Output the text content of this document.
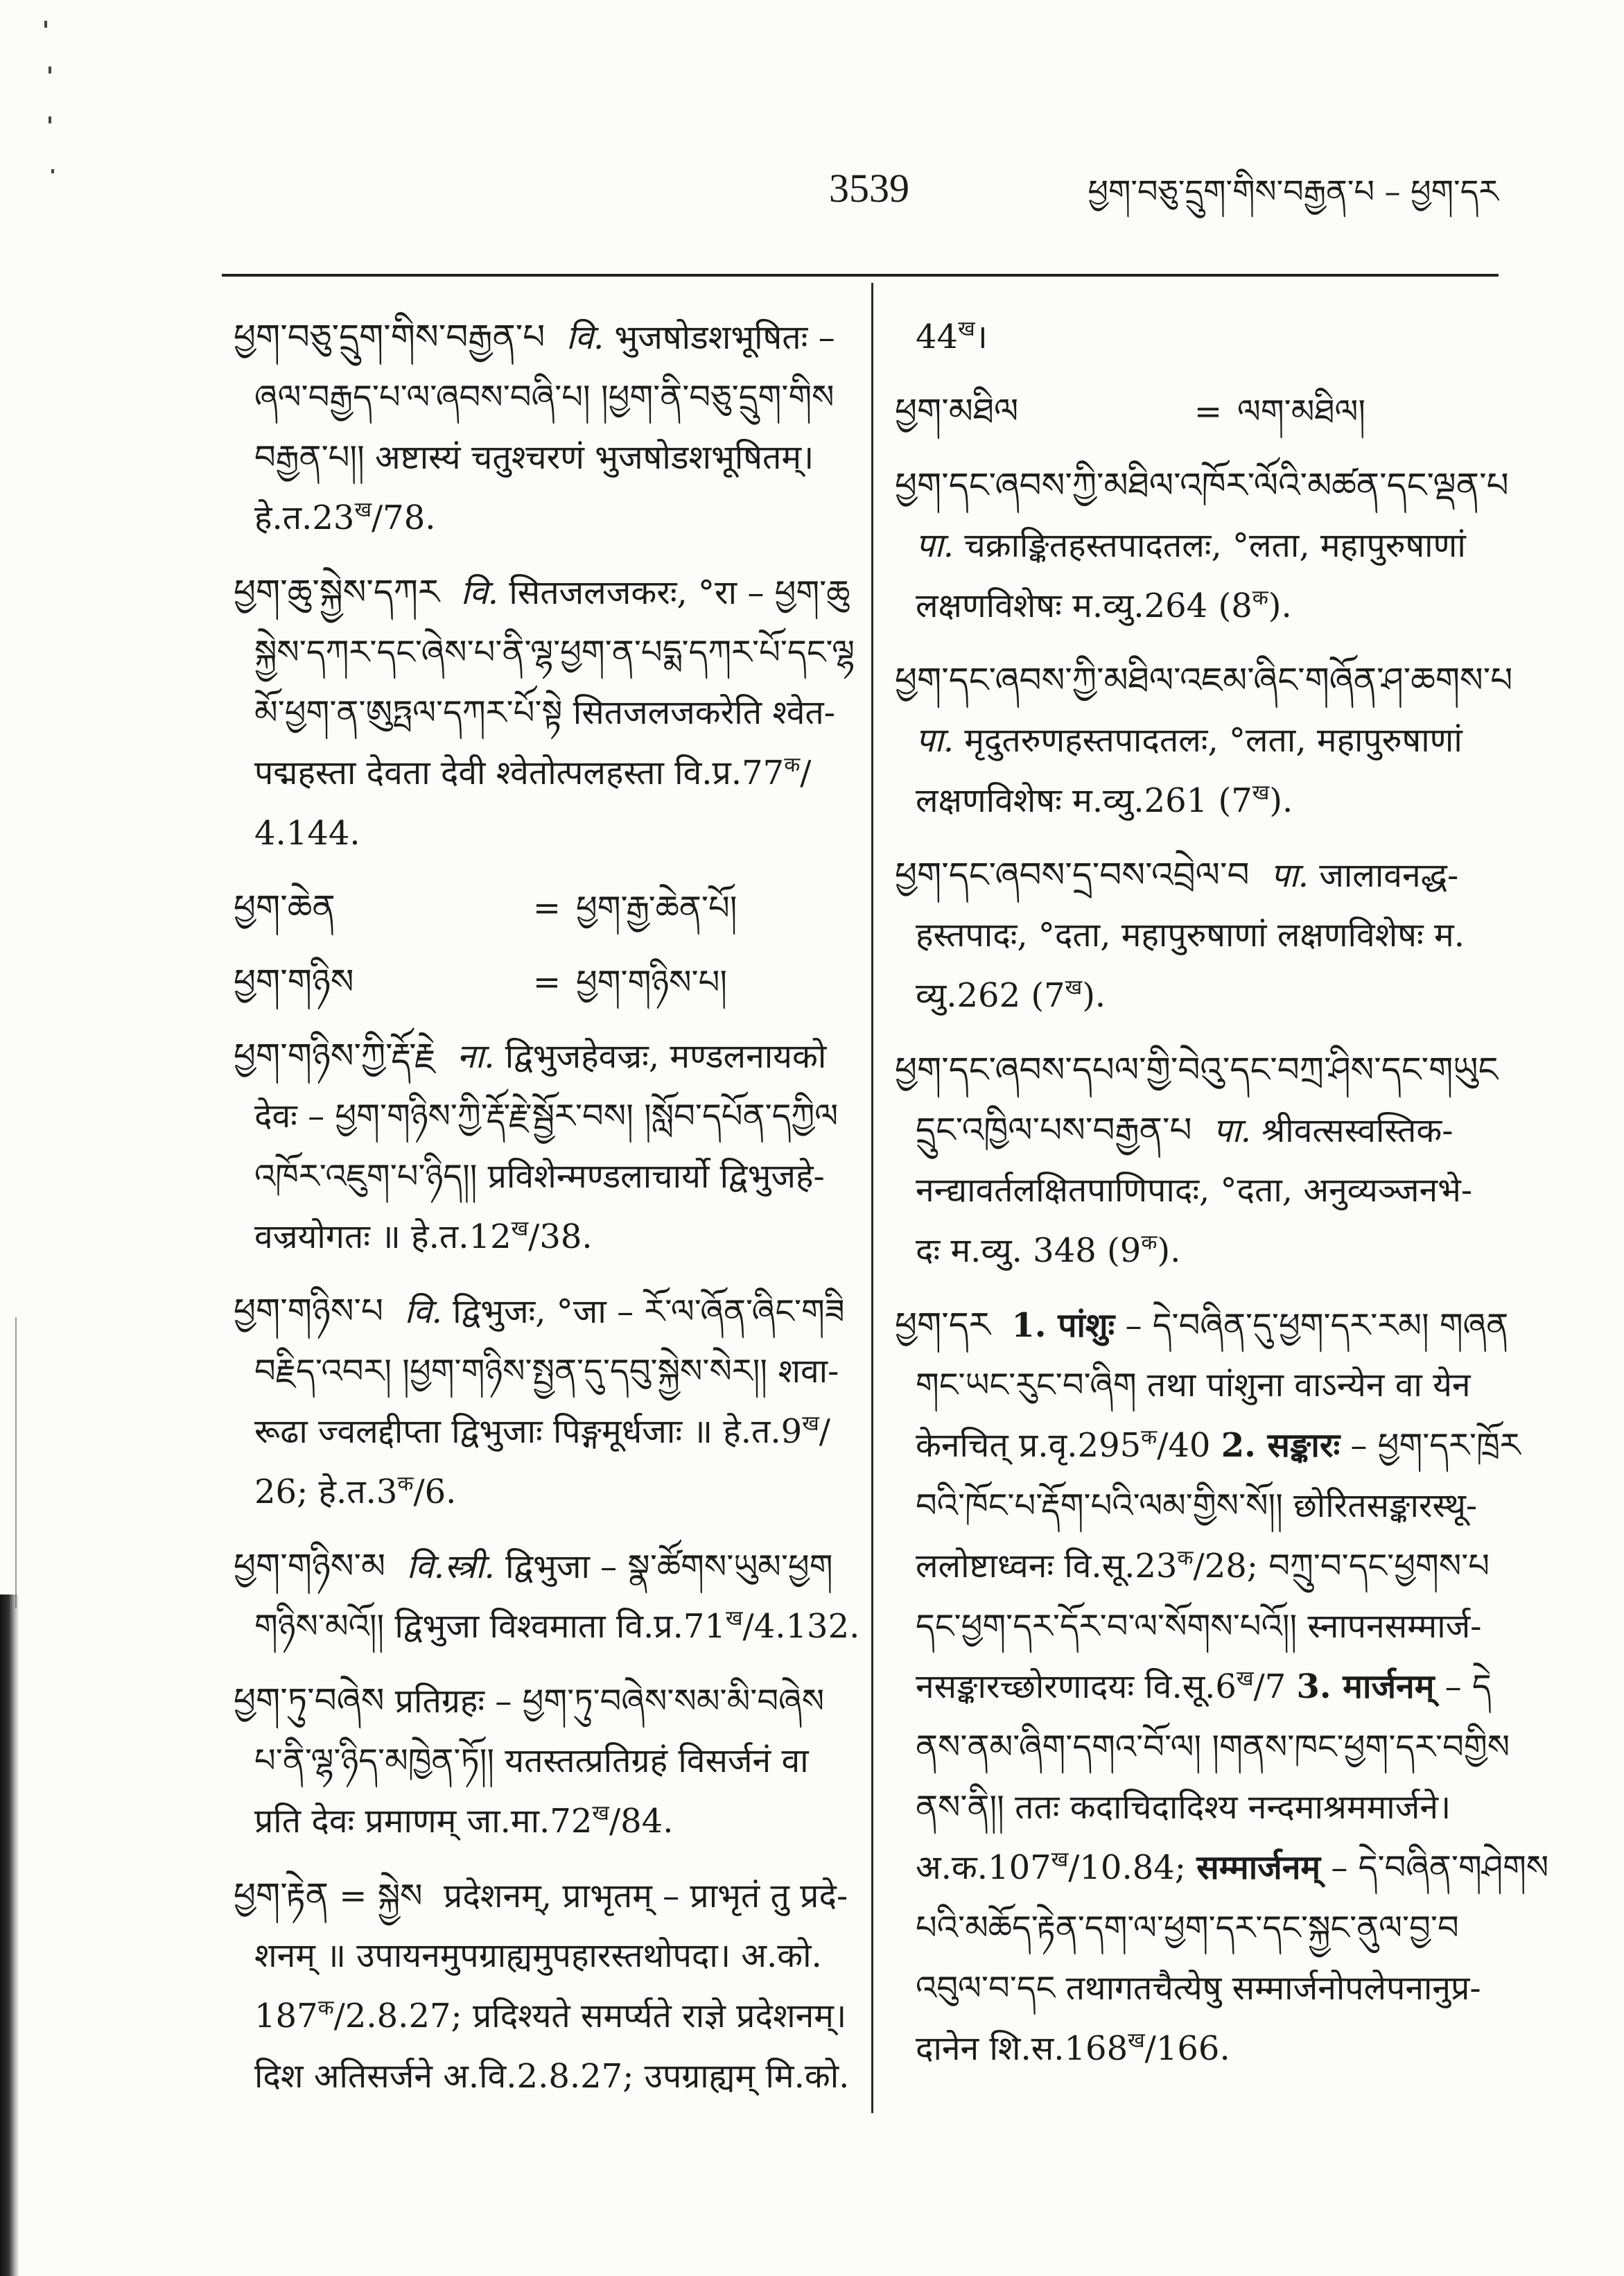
3539	ཕྱག་བཅུ་དྲུག་གིས་བརྒྱན་པ – ཕྱག་དར
ཕྱག་བཅུ་དྲུག་གིས་བརྒྱན་པ वि. भुजषोडशभूषितः –
ཞལ་བརྒྱད་པ་ལ་ཞབས་བཞི་པ། །ཕྱག་ནི་བཅུ་དྲུག་གིས
བརྒྱན་པ།། अष्टास्यं चतुश्चरणं भुजषोडशभूषितम्।
$हे.त.23^ख/78$.
ཕྱག་ཆུ་སྐྱེས་དཀར वि. सितजलजकरः, °रा – ཕྱག་ཆུ
སྐྱེས་དཀར་དང་ཞེས་པ་ནི་ལྷ་ཕྱག་ན་པདྨ་དཀར་པོ་དང་ལྷ
མོ་ཕྱག་ན་ཨུཏྤལ་དཀར་པོ་སྟེ सितजलजकरेति श्वेत-
पद्महस्ता देवता देवी श्वेतोत्पलहस्ता $वि.प्र.77^क/$
4.144.
ཕྱག་ཆེན	= ཕྱག་རྒྱ་ཆེན་པོ།
ཕྱག་གཉིས	= ཕྱག་གཉིས་པ།
ཕྱག་གཉིས་ཀྱི་རྡོ་རྗེ ना. द्विभुजहेवज्रः, मण्डलनायको
देवः – ཕྱག་གཉིས་ཀྱི་རྡོ་རྗེ་སྦྱོར་བས། །སློབ་དཔོན་དཀྱིལ
འཁོར་འཇུག་པ་ཉིད།། प्रविशेन्मण्डलाचार्यो द्विभुजहे-
वज्रयोगतः ॥ $हे.त.12^ख/38$.
ཕྱག་གཉིས་པ वि. द्विभुजः, °जा – རོ་ལ་ཞོན་ཞིང་གཟི
བརྗིད་འབར། །ཕྱག་གཉིས་སྤྱན་དུ་དབུ་སྐྱེས་སེར།། शवा-
रूढा ज्वलद्दीप्ता द्विभुजाः पिङ्गमूर्धजाः ॥ $हे.त.9^ख/$
26; $हे.त.3^क/6$.
ཕྱག་གཉིས་མ वि.स्त्री. द्विभुजा – སྣ་ཚོགས་ཡུམ་ཕྱག
གཉིས་མའོ།། द्विभुजा विश्वमाता $वि.प्र.71^ख/4.132$.
ཕྱག་ཏུ་བཞེས प्रतिग्रहः – ཕྱག་ཏུ་བཞེས་སམ་མི་བཞེས
པ་ནི་ལྷ་ཉིད་མཁྱེན་ཏོ།། यतस्तत्प्रतिग्रहं विसर्जनं वा
प्रति देवः प्रमाणम् $जा.मा.72^ख/84$.
ཕྱག་རྟེན = སྐྱེས  प्रदेशनम्, प्राभृतम् – प्राभृतं तु प्रदे-
शनम् ॥ उपायनमुपग्राह्यमुपहारस्तथोपदा। अ.को.
$187^क/2.8.27$; प्रदिश्यते समर्प्यते राज्ञे प्रदेशनम्।
दिश अतिसर्जने अ.वि.2.8.27; उपग्राह्यम् मि.को.
$44^ख।$
ཕྱག་མཐིལ	= ལག་མཐིལ།
ཕྱག་དང་ཞབས་ཀྱི་མཐིལ་འཁོར་ལོའི་མཚན་དང་ལྡན་པ
पा. चक्राङ्कितहस्तपादतलः, °लता, महापुरुषाणां
लक्षणविशेषः म.व्यु.264 $(8^क)$.
ཕྱག་དང་ཞབས་ཀྱི་མཐིལ་འཇམ་ཞིང་གཞོན་ཤ་ཆགས་པ
पा. मृदुतरुणहस्तपादतलः, °लता, महापुरुषाणां
लक्षणविशेषः म.व्यु.261 $(7^ख)$.
ཕྱག་དང་ཞབས་དྲ་བས་འབྲེལ་བ पा. जालावनद्ध-
हस्तपादः, °दता, महापुरुषाणां लक्षणविशेषः म.
व्यु.262 $(7^ख)$.
ཕྱག་དང་ཞབས་དཔལ་གྱི་བེའུ་དང་བཀྲ་ཤིས་དང་གཡུང
དྲུང་འཁྱིལ་པས་བརྒྱན་པ पा. श्रीवत्सस्वस्तिक-
नन्द्यावर्तलक्षितपाणिपादः, °दता, अनुव्यञ्जनभे-
दः म.व्यु. 348 $(9^क)$.
ཕྱག་དར 1. पांशुः – དེ་བཞིན་དུ་ཕྱག་དར་རམ། གཞན
གང་ཡང་རུང་བ་ཞིག तथा पांशुना वाऽन्येन वा येन
केनचित् $प्र.वृ.295^क/40$ 2. सङ्कारः – ཕྱག་དར་ཁྲོར
བའི་ཁོང་པ་རྡོག་པའི་ལམ་གྱིས་སོ།། छोरितसङ्कारस्थू-
ललोष्टाध्वनः $वि.सू.23^क/28$; བཀྲུ་བ་དང་ཕྱགས་པ
དང་ཕྱག་དར་དོར་བ་ལ་སོགས་པའོ།། स्नापनसम्मार्ज-
नसङ्कारच्छोरणादयः $वि.सू.6^ख/7$ 3. मार्जनम् – དེ
ནས་ནམ་ཞིག་དགའ་བོ་ལ། །གནས་ཁང་ཕྱག་དར་བགྱིས
ནས་ནི།། ततः कदाचिदादिश्य नन्दमाश्रममार्जने।
$अ.क.107^ख/10.84$; सम्मार्जनम् – དེ་བཞིན་གཤེགས
པའི་མཆོད་རྟེན་དག་ལ་ཕྱག་དར་དང་སྐྱང་ནུལ་བྱ་བ
འབུལ་བ་དང तथागतचैत्येषु सम्मार्जनोपलेपनानुप्र-
दानेन $शि.स.168^ख/166$.
